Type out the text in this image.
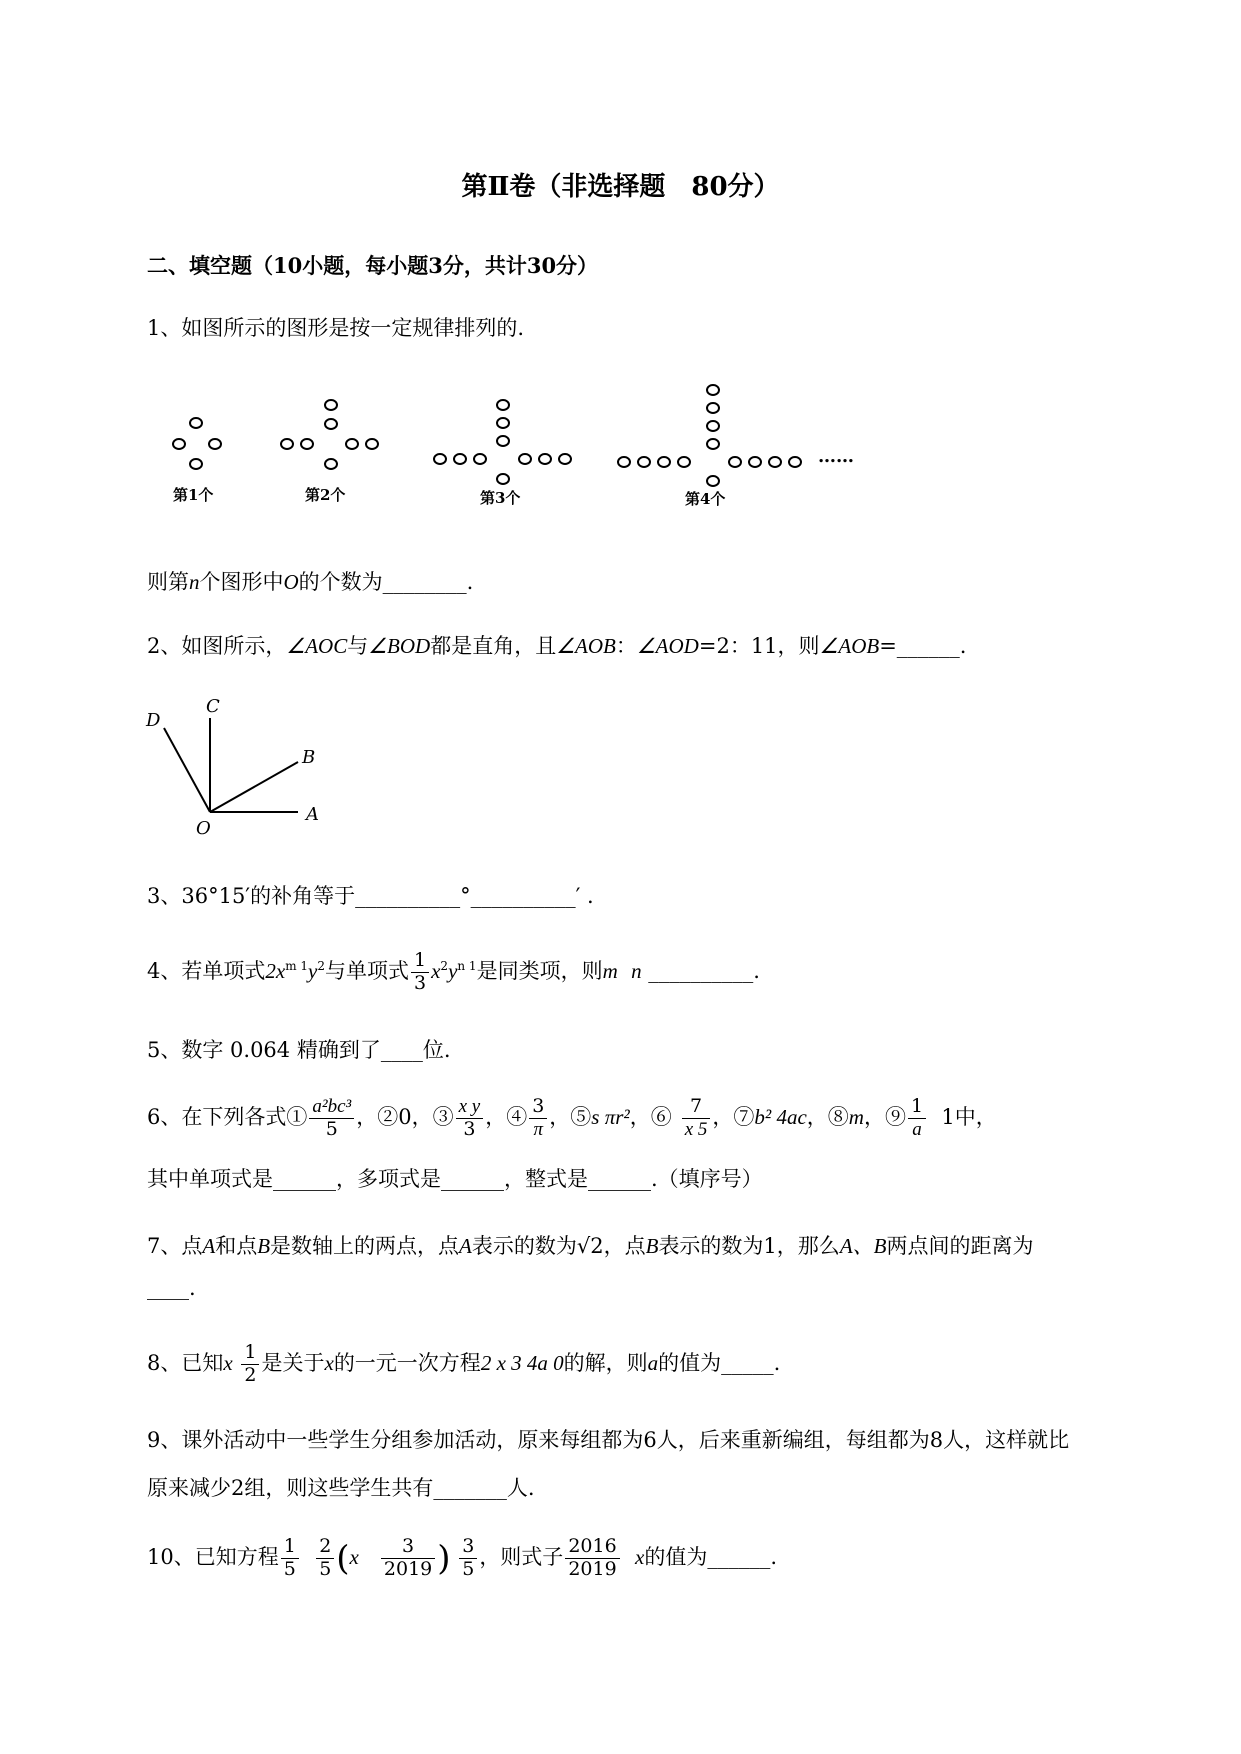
第Ⅱ卷（非选择题　80分）
二、填空题（10小题，每小题3分，共计30分）
1、如图所示的图形是按一定规律排列的.
第1个	第2个	第3个	第4个
……
则第n个图形中O的个数为________.
2、如图所示，∠AOC与∠BOD都是直角，且∠AOB：∠AOD=2：11，则∠AOB=______.
D
C
B
O
A
3、36°15′的补角等于__________°__________′ .
4、若单项式$2x^{m 1}y^2$与单项式 $\frac{1}{3} x^2y^{n 1}$是同类项，则m n __________.
5、数字 0.064 精确到了____位.
6、在下列各式① $\frac{\text{a²bc³}}{5}$ ，②0，③ $\frac{\text{x y}}{3}$ ，④ $\frac{3}{\pi}$ ，⑤s πr²，⑥ $\frac{7}{x 5}$ ，⑦b² 4ac，⑧m，⑨ $\frac{1}{a} 1$中，
其中单项式是______，多项式是______，整式是______.（填序号）
7、点A和点B是数轴上的两点，点A表示的数为√2，点B表示的数为1，那么A、B两点间的距离为
____.
8、已知x $\frac{1}{2}$ 是关于x的一元一次方程2 x 3 4a 0的解，则a的值为_____.
9、课外活动中一些学生分组参加活动，原来每组都为6人，后来重新编组，每组都为8人，这样就比
原来减少2组，则这些学生共有_______人.
10、已知方程 $\frac{1}{5}$
$\frac{2}{5} (x \frac{3}{2019}$ ) $\frac{3}{5}$ ，则式子 $\frac{2016}{2019}$ x的值为______.
